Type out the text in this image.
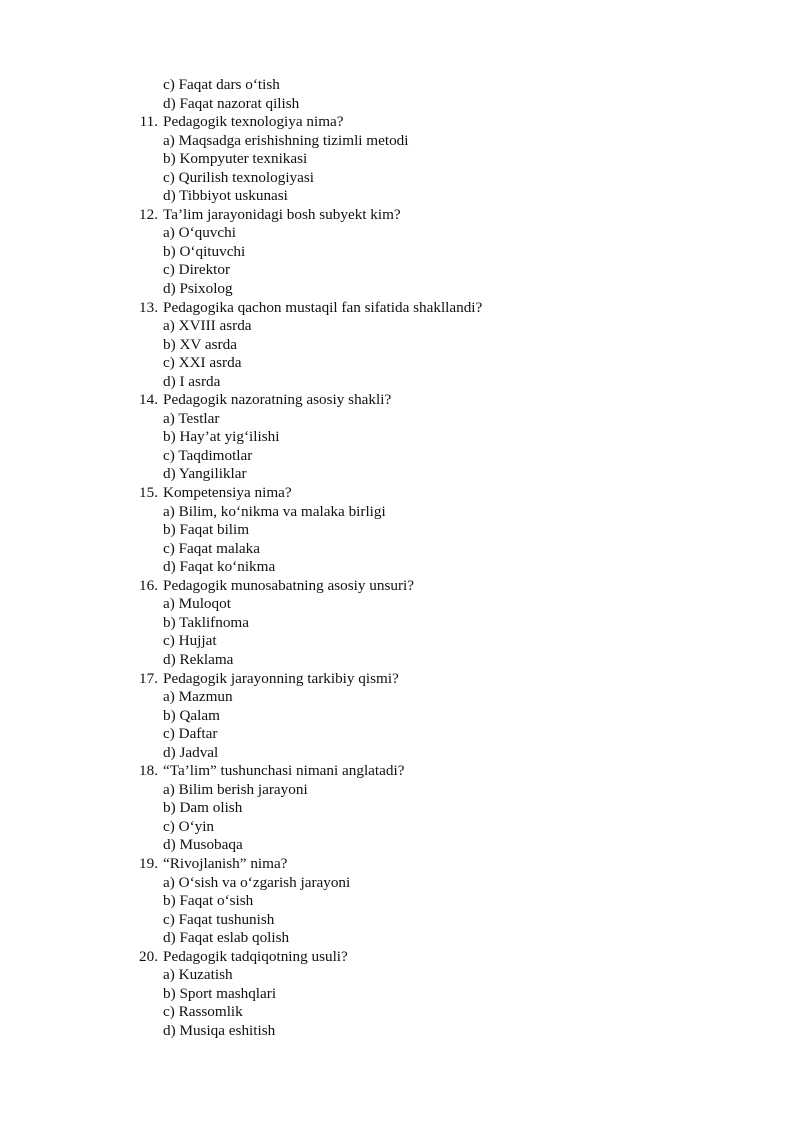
c) Faqat dars o‘tish
d) Faqat nazorat qilish
11. Pedagogik texnologiya nima?
a) Maqsadga erishishning tizimli metodi
b) Kompyuter texnikasi
c) Qurilish texnologiyasi
d) Tibbiyot uskunasi
12. Ta’lim jarayonidagi bosh subyekt kim?
a) O‘quvchi
b) O‘qituvchi
c) Direktor
d) Psixolog
13. Pedagogika qachon mustaqil fan sifatida shakllandi?
a) XVIII asrda
b) XV asrda
c) XXI asrda
d) I asrda
14. Pedagogik nazoratning asosiy shakli?
a) Testlar
b) Hay’at yig‘ilishi
c) Taqdimotlar
d) Yangiliklar
15. Kompetensiya nima?
a) Bilim, ko‘nikma va malaka birligi
b) Faqat bilim
c) Faqat malaka
d) Faqat ko‘nikma
16. Pedagogik munosabatning asosiy unsuri?
a) Muloqot
b) Taklifnoma
c) Hujjat
d) Reklama
17. Pedagogik jarayonning tarkibiy qismi?
a) Mazmun
b) Qalam
c) Daftar
d) Jadval
18. “Ta’lim” tushunchasi nimani anglatadi?
a) Bilim berish jarayoni
b) Dam olish
c) O‘yin
d) Musobaqa
19. “Rivojlanish” nima?
a) O‘sish va o‘zgarish jarayoni
b) Faqat o‘sish
c) Faqat tushunish
d) Faqat eslab qolish
20. Pedagogik tadqiqotning usuli?
a) Kuzatish
b) Sport mashqlari
c) Rassomlik
d) Musiqa eshitish
